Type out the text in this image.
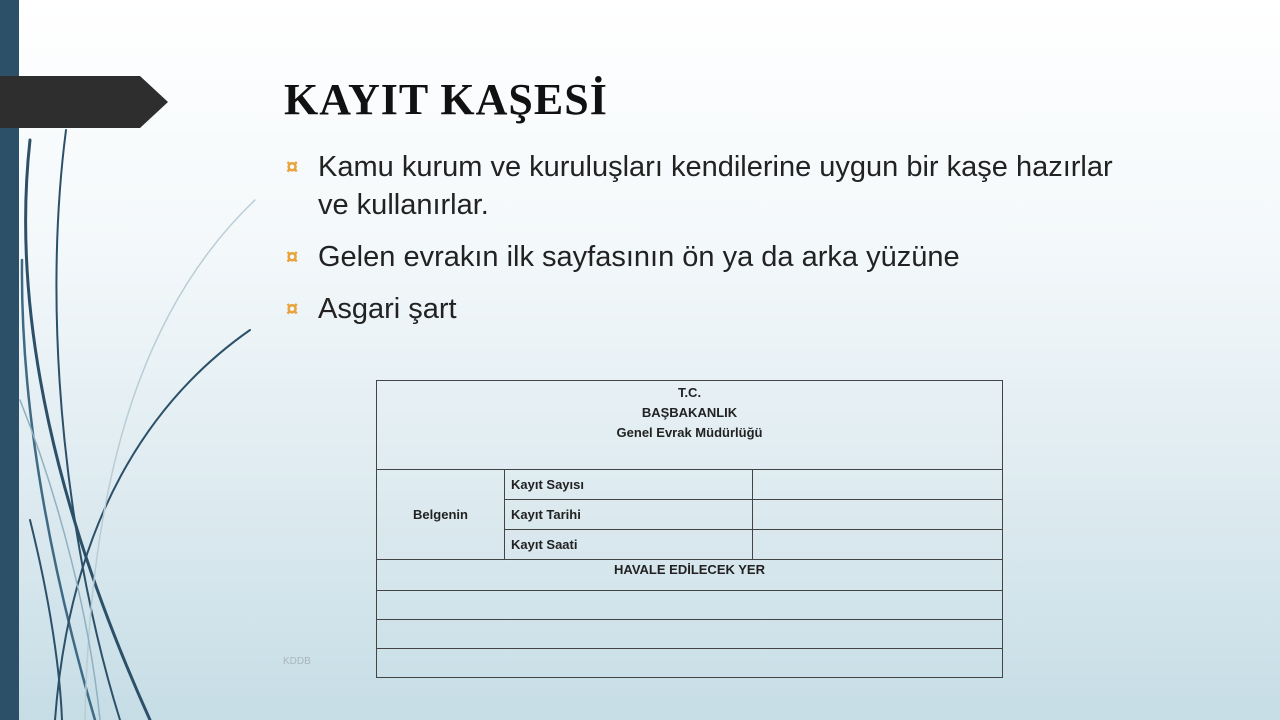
KAYIT KAŞESİ
¤ Kamu kurum ve kuruluşları kendilerine uygun bir kaşe hazırlar ve kullanırlar.
¤ Gelen evrakın ilk sayfasının ön ya da arka yüzüne
¤ Asgari şart
T.C.
BAŞBAKANLIK
Genel Evrak Müdürlüğü		

Belgenin	Kayıt Sayısı	
	Kayıt Tarihi	
	Kayıt Saati	
HAVALE EDİLECEK YER		

KDDB
